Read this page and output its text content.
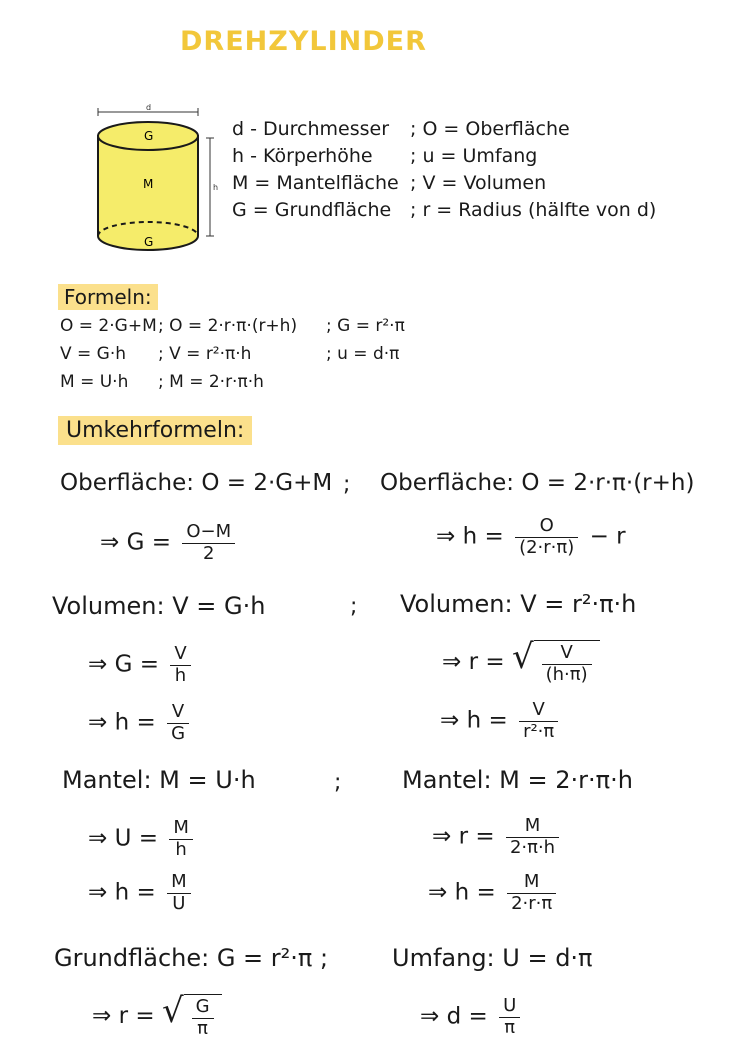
DREHZYLINDER
d
h
G
M
G
d - Durchmesser
h - Körperhöhe
M = Mantelfläche
G = Grundfläche
; O = Oberfläche
; u = Umfang
; V = Volumen
; r = Radius (hälfte von d)
Formeln:
O = 2·G+M
V = G·h
M = U·h
; O = 2·r·π·(r+h)
; V = r²·π·h
; M = 2·r·π·h
; G = r²·π
; u = d·π
Umkehrformeln:
Oberfläche: O = 2·G+M ;
⇒ $G = \frac{O-M}{2}$
Oberfläche: O = 2·r·π·(r+h)
⇒ $h = \frac{O}{(2\cdot r\cdot\pi)} - r$
Volumen: V = G·h	;
⇒ $G = \frac{V}{h}$
⇒ $h = \frac{V}{G}$
Volumen: V = r²·π·h
⇒ r = √ $\frac{V}{(h\cdot\pi)}$
⇒ $h = \frac{V}{\text{r²·π}}$
Mantel: M = U·h	;
⇒ $U = \frac{M}{h}$
⇒ $h = \frac{M}{U}$
Mantel: M = 2·r·π·h
⇒ $r = \frac{M}{2\cdot\pi\cdot h}$
⇒ $h = \frac{M}{2\cdot r\cdot\pi}$
Grundfläche: G = r²·π ;
⇒ r = √ $\frac{G}{\pi}$
Umfang: U = d·π
⇒ $d = \frac{U}{\pi}$
